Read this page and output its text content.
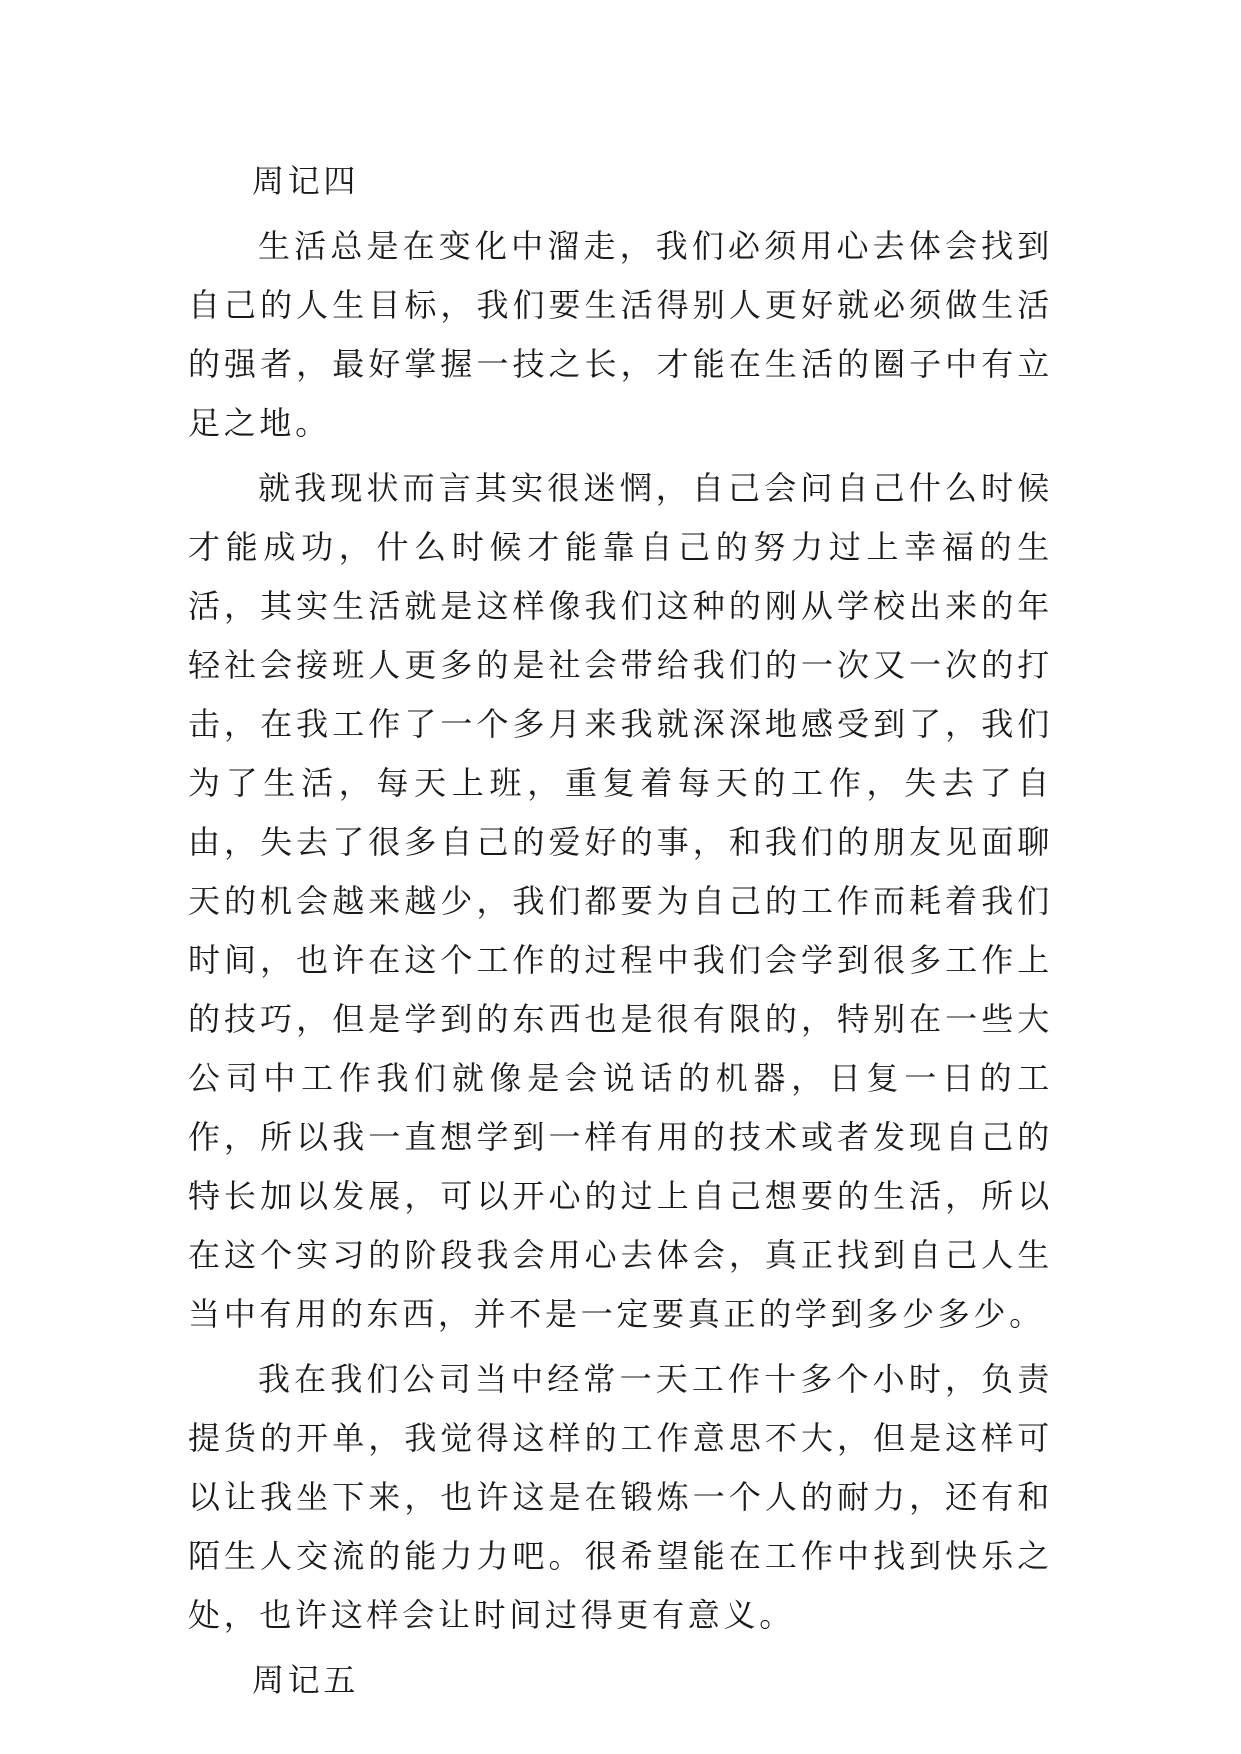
周记四

生活总是在变化中溜走，我们必须用心去体会找到自己的人生目标，我们要生活得别人更好就必须做生活的强者，最好掌握一技之长，才能在生活的圈子中有立足之地。

就我现状而言其实很迷惘，自己会问自己什么时候才能成功，什么时候才能靠自己的努力过上幸福的生活，其实生活就是这样像我们这种的刚从学校出来的年轻社会接班人更多的是社会带给我们的一次又一次的打击，在我工作了一个多月来我就深深地感受到了，我们为了生活，每天上班，重复着每天的工作，失去了自由，失去了很多自己的爱好的事，和我们的朋友见面聊天的机会越来越少，我们都要为自己的工作而耗着我们时间，也许在这个工作的过程中我们会学到很多工作上的技巧，但是学到的东西也是很有限的，特别在一些大公司中工作我们就像是会说话的机器，日复一日的工作，所以我一直想学到一样有用的技术或者发现自己的特长加以发展，可以开心的过上自己想要的生活，所以在这个实习的阶段我会用心去体会，真正找到自己人生当中有用的东西，并不是一定要真正的学到多少多少。

我在我们公司当中经常一天工作十多个小时，负责提货的开单，我觉得这样的工作意思不大，但是这样可以让我坐下来，也许这是在锻炼一个人的耐力，还有和陌生人交流的能力力吧。很希望能在工作中找到快乐之处，也许这样会让时间过得更有意义。

周记五
